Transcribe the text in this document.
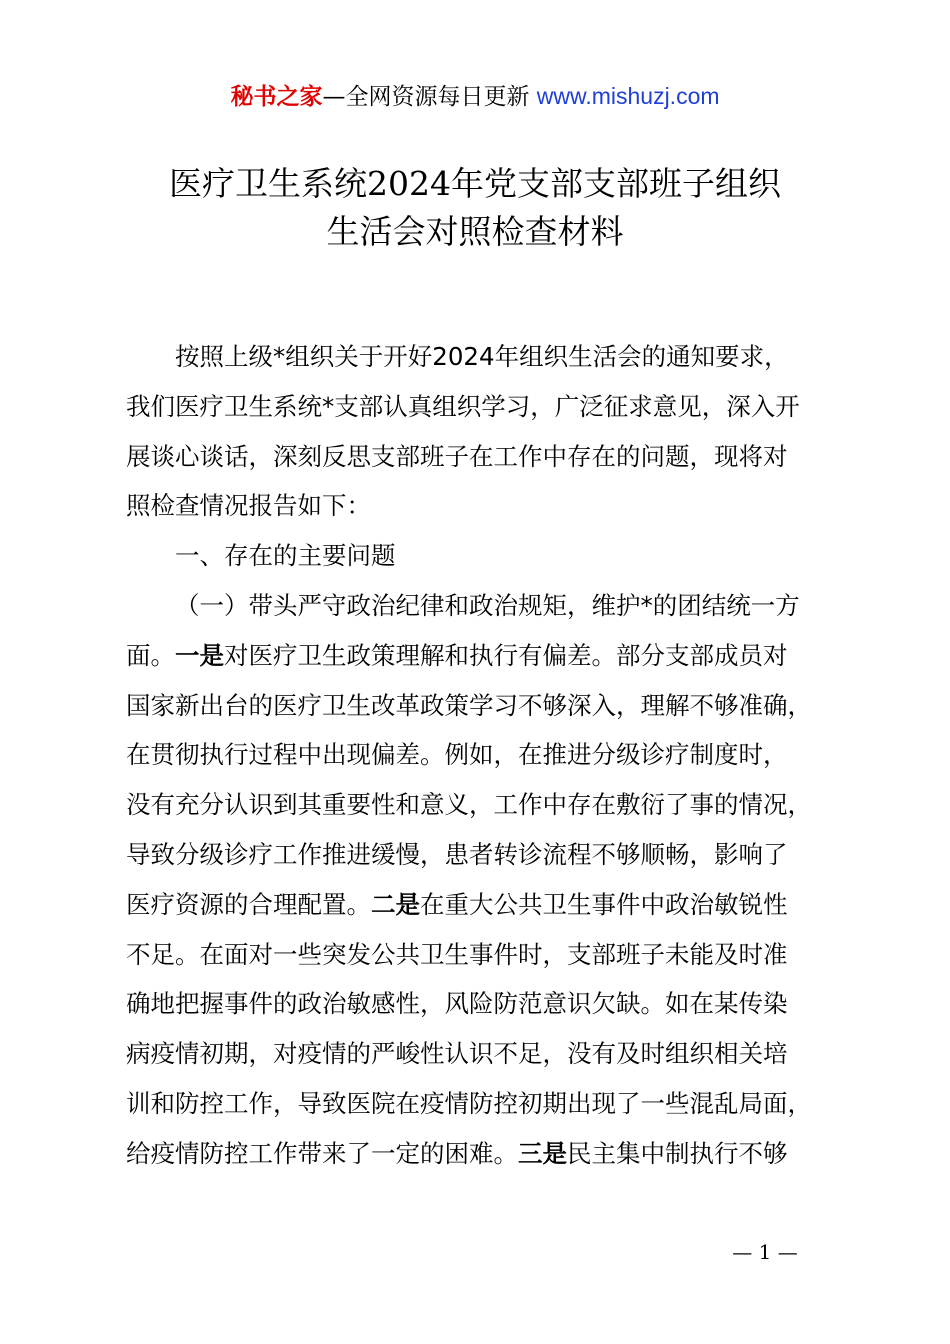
秘书之家—全网资源每日更新 www.mishuzj.com
医疗卫生系统2024年党支部支部班子组织
生活会对照检查材料
按照上级*组织关于开好2024年组织生活会的通知要求，
我们医疗卫生系统*支部认真组织学习，广泛征求意见，深入开
展谈心谈话，深刻反思支部班子在工作中存在的问题，现将对
照检查情况报告如下：
一、存在的主要问题
（一）带头严守政治纪律和政治规矩，维护*的团结统一方
面。一是对医疗卫生政策理解和执行有偏差。部分支部成员对
国家新出台的医疗卫生改革政策学习不够深入，理解不够准确，
在贯彻执行过程中出现偏差。例如，在推进分级诊疗制度时，
没有充分认识到其重要性和意义，工作中存在敷衍了事的情况，
导致分级诊疗工作推进缓慢，患者转诊流程不够顺畅，影响了
医疗资源的合理配置。二是在重大公共卫生事件中政治敏锐性
不足。在面对一些突发公共卫生事件时，支部班子未能及时准
确地把握事件的政治敏感性，风险防范意识欠缺。如在某传染
病疫情初期，对疫情的严峻性认识不足，没有及时组织相关培
训和防控工作，导致医院在疫情防控初期出现了一些混乱局面，
给疫情防控工作带来了一定的困难。三是民主集中制执行不够
— 1 —
